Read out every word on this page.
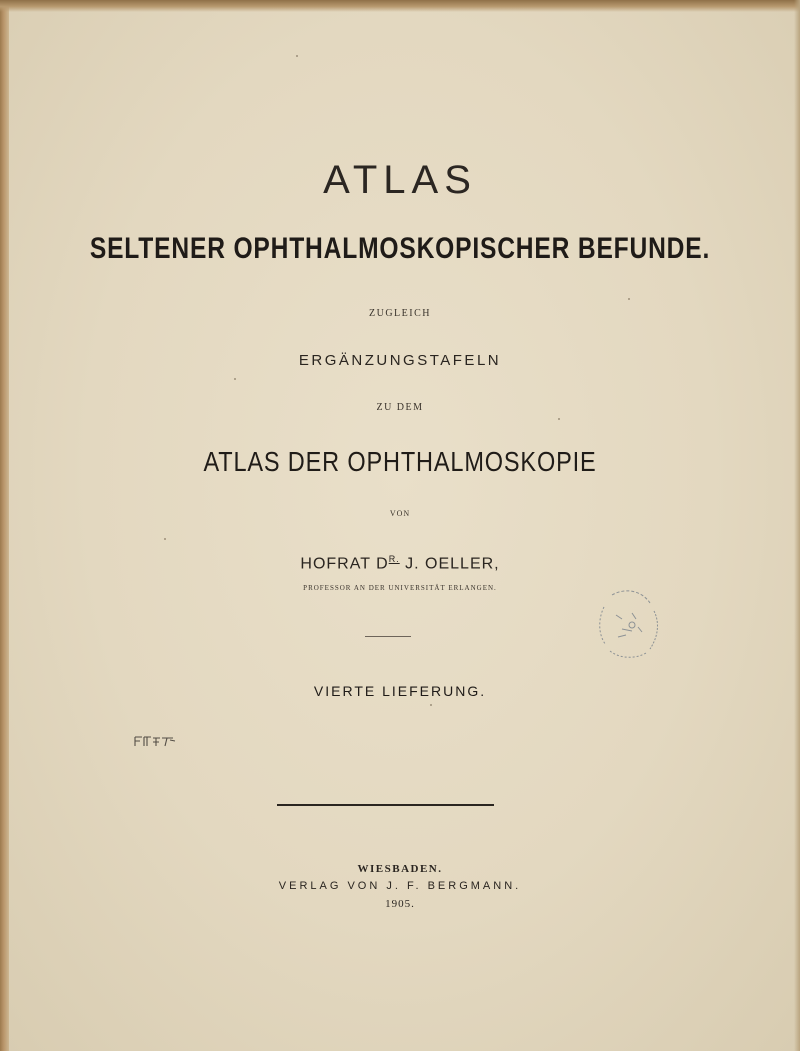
ATLAS
SELTENER OPHTHALMOSKOPISCHER BEFUNDE.
ZUGLEICH
ERGÄNZUNGSTAFELN
ZU DEM
ATLAS DER OPHTHALMOSKOPIE
VON
HOFRAT $D^{R.}$ J. OELLER,
PROFESSOR AN DER UNIVERSITÄT ERLANGEN.
VIERTE LIEFERUNG.
WIESBADEN.
VERLAG VON J. F. BERGMANN.
1905.
